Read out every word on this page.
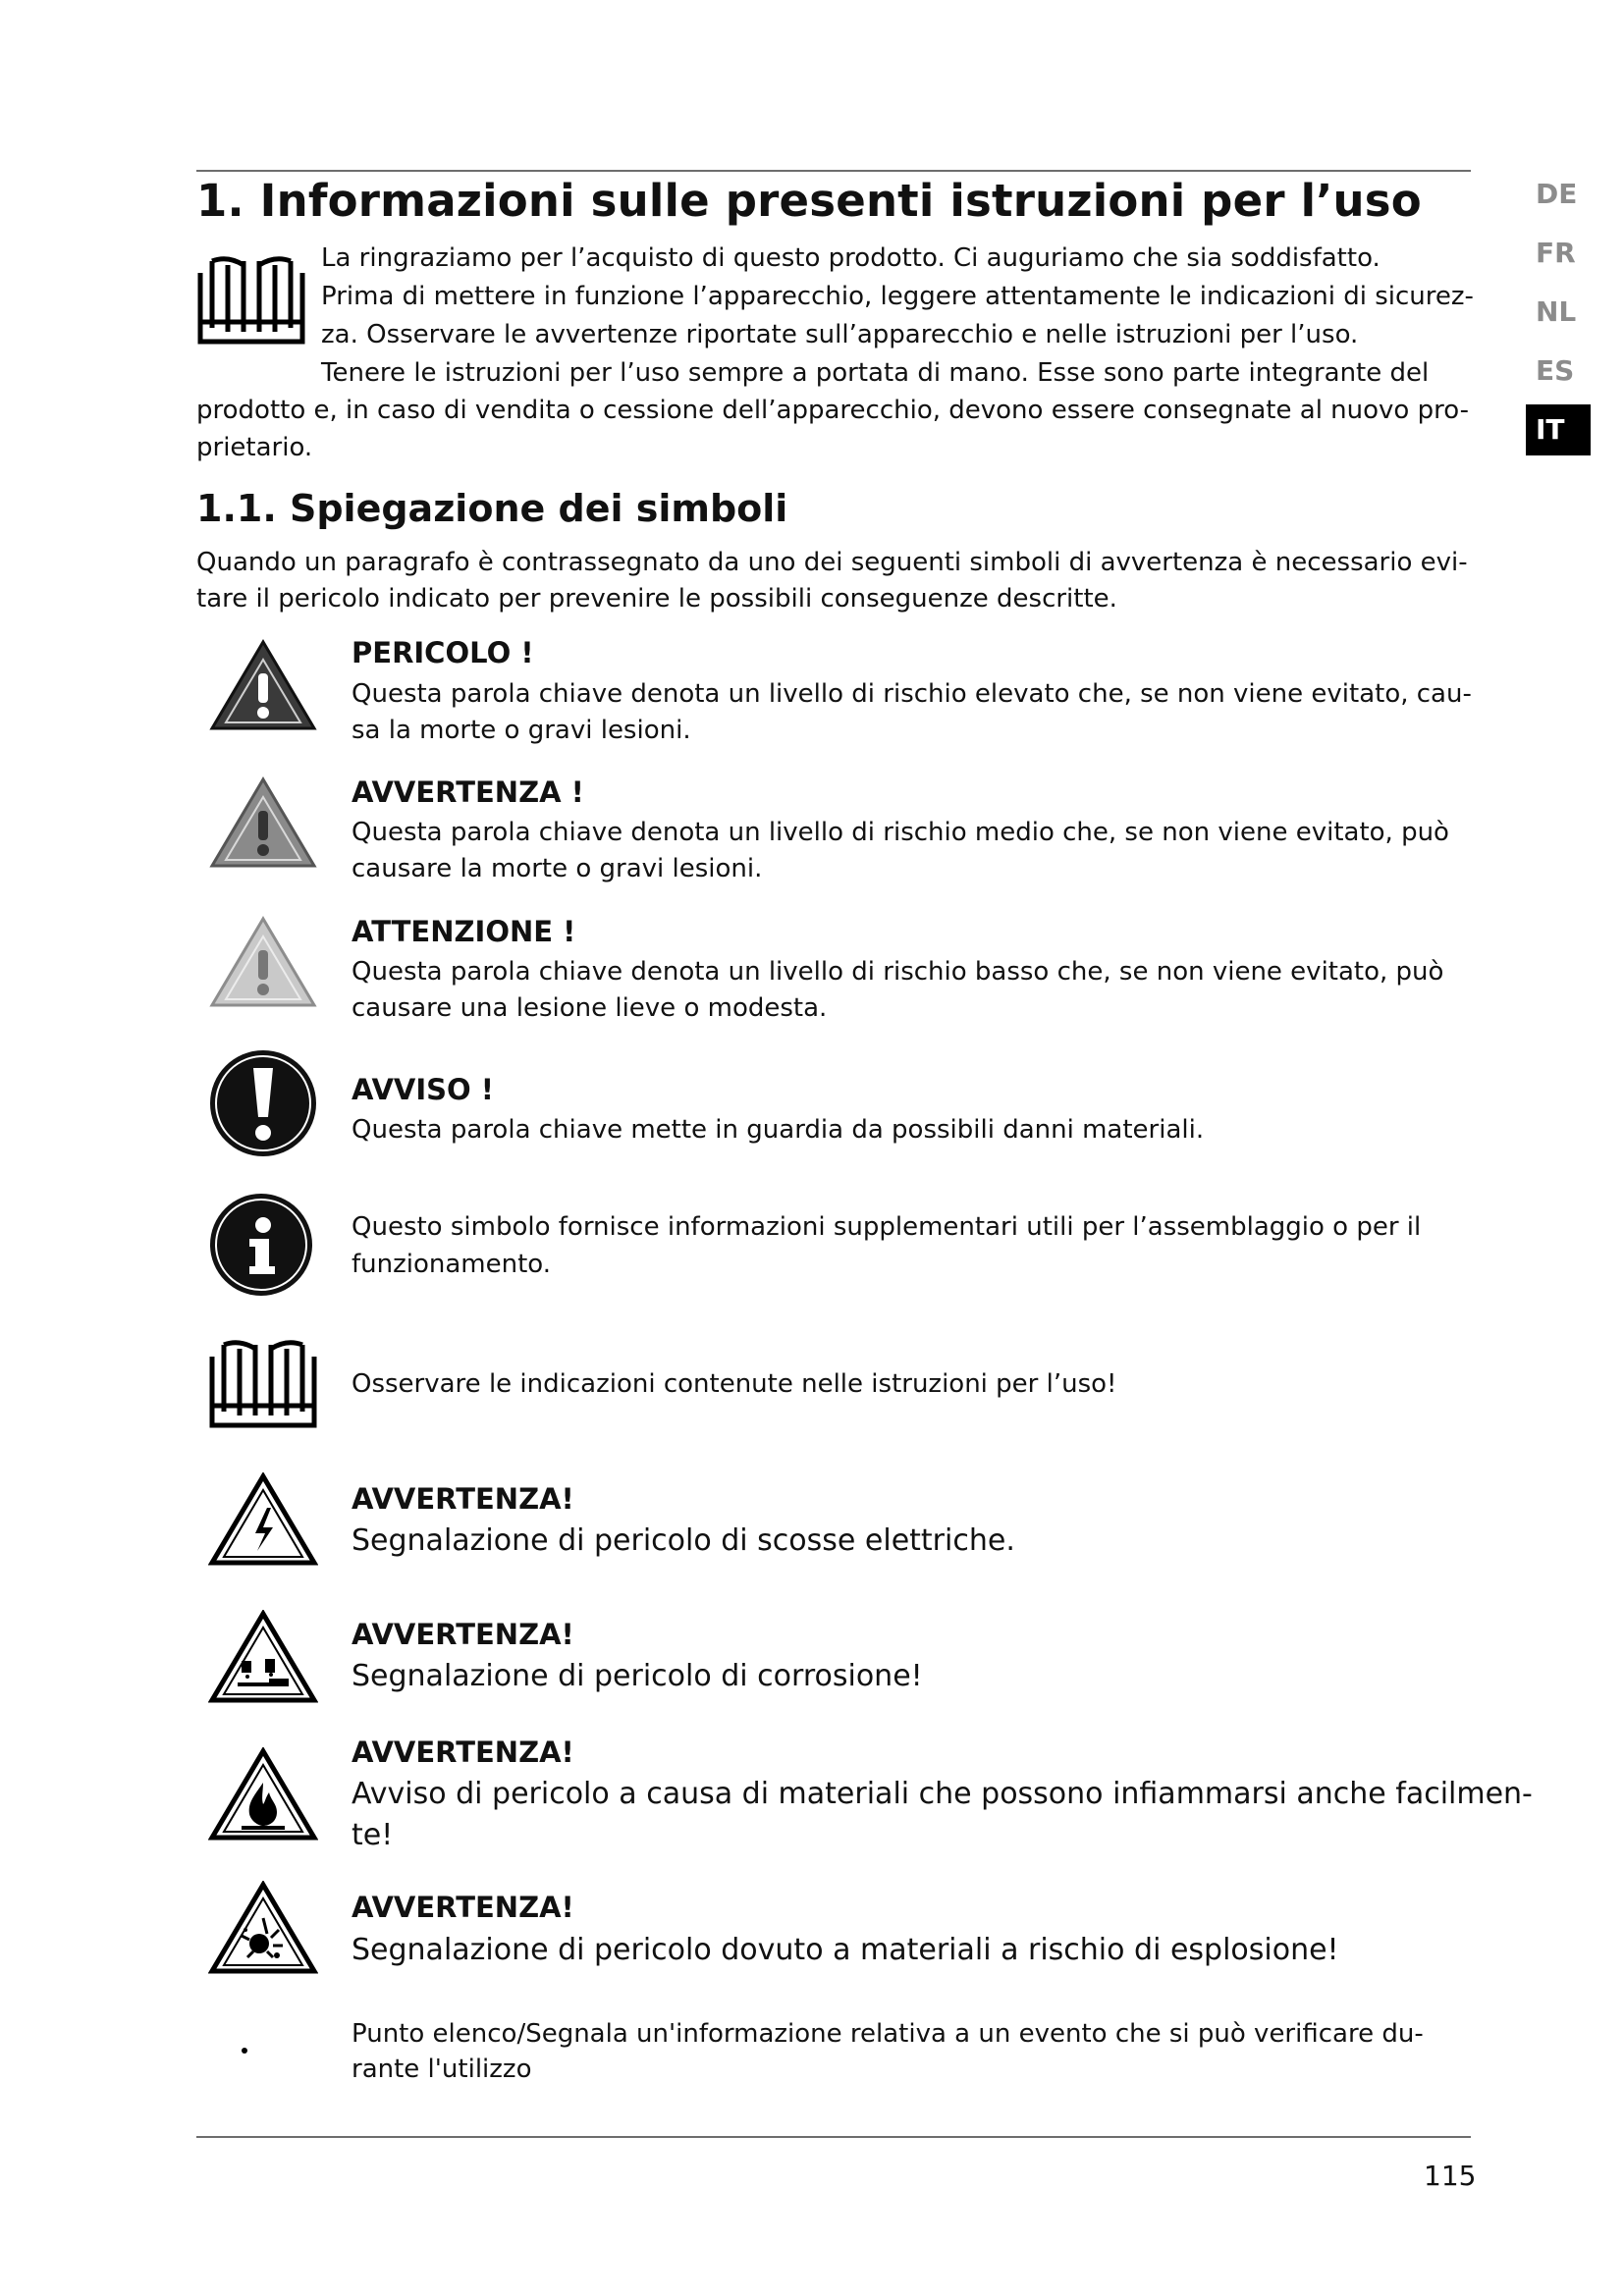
DE
FR
NL
ES
IT
1. Informazioni sulle presenti istruzioni per l’uso

La ringraziamo per l’acquisto di questo prodotto. Ci auguriamo che sia soddisfatto.

Prima di mettere in funzione l’apparecchio, leggere attentamente le indicazioni di sicurez-

za. Osservare le avvertenze riportate sull’apparecchio e nelle istruzioni per l’uso.

Tenere le istruzioni per l’uso sempre a portata di mano. Esse sono parte integrante del

prodotto e, in caso di vendita o cessione dell’apparecchio, devono essere consegnate al nuovo pro-

prietario.

1.1. Spiegazione dei simboli

Quando un paragrafo è contrassegnato da uno dei seguenti simboli di avvertenza è necessario evi-

tare il pericolo indicato per prevenire le possibili conseguenze descritte.

PERICOLO !

Questa parola chiave denota un livello di rischio elevato che, se non viene evitato, cau-

sa la morte o gravi lesioni.

AVVERTENZA !

Questa parola chiave denota un livello di rischio medio che, se non viene evitato, può

causare la morte o gravi lesioni.

ATTENZIONE !

Questa parola chiave denota un livello di rischio basso che, se non viene evitato, può

causare una lesione lieve o modesta.

AVVISO !

Questa parola chiave mette in guardia da possibili danni materiali.

Questo simbolo fornisce informazioni supplementari utili per l’assemblaggio o per il

funzionamento.

Osservare le indicazioni contenute nelle istruzioni per l’uso!

AVVERTENZA!

Segnalazione di pericolo di scosse elettriche.

AVVERTENZA!

Segnalazione di pericolo di corrosione!

AVVERTENZA!

Avviso di pericolo a causa di materiali che possono infiammarsi anche facilmen-

te!

AVVERTENZA!

Segnalazione di pericolo dovuto a materiali a rischio di esplosione!

Punto elenco/Segnala un'informazione relativa a un evento che si può verificare du-

rante l'utilizzo

115
